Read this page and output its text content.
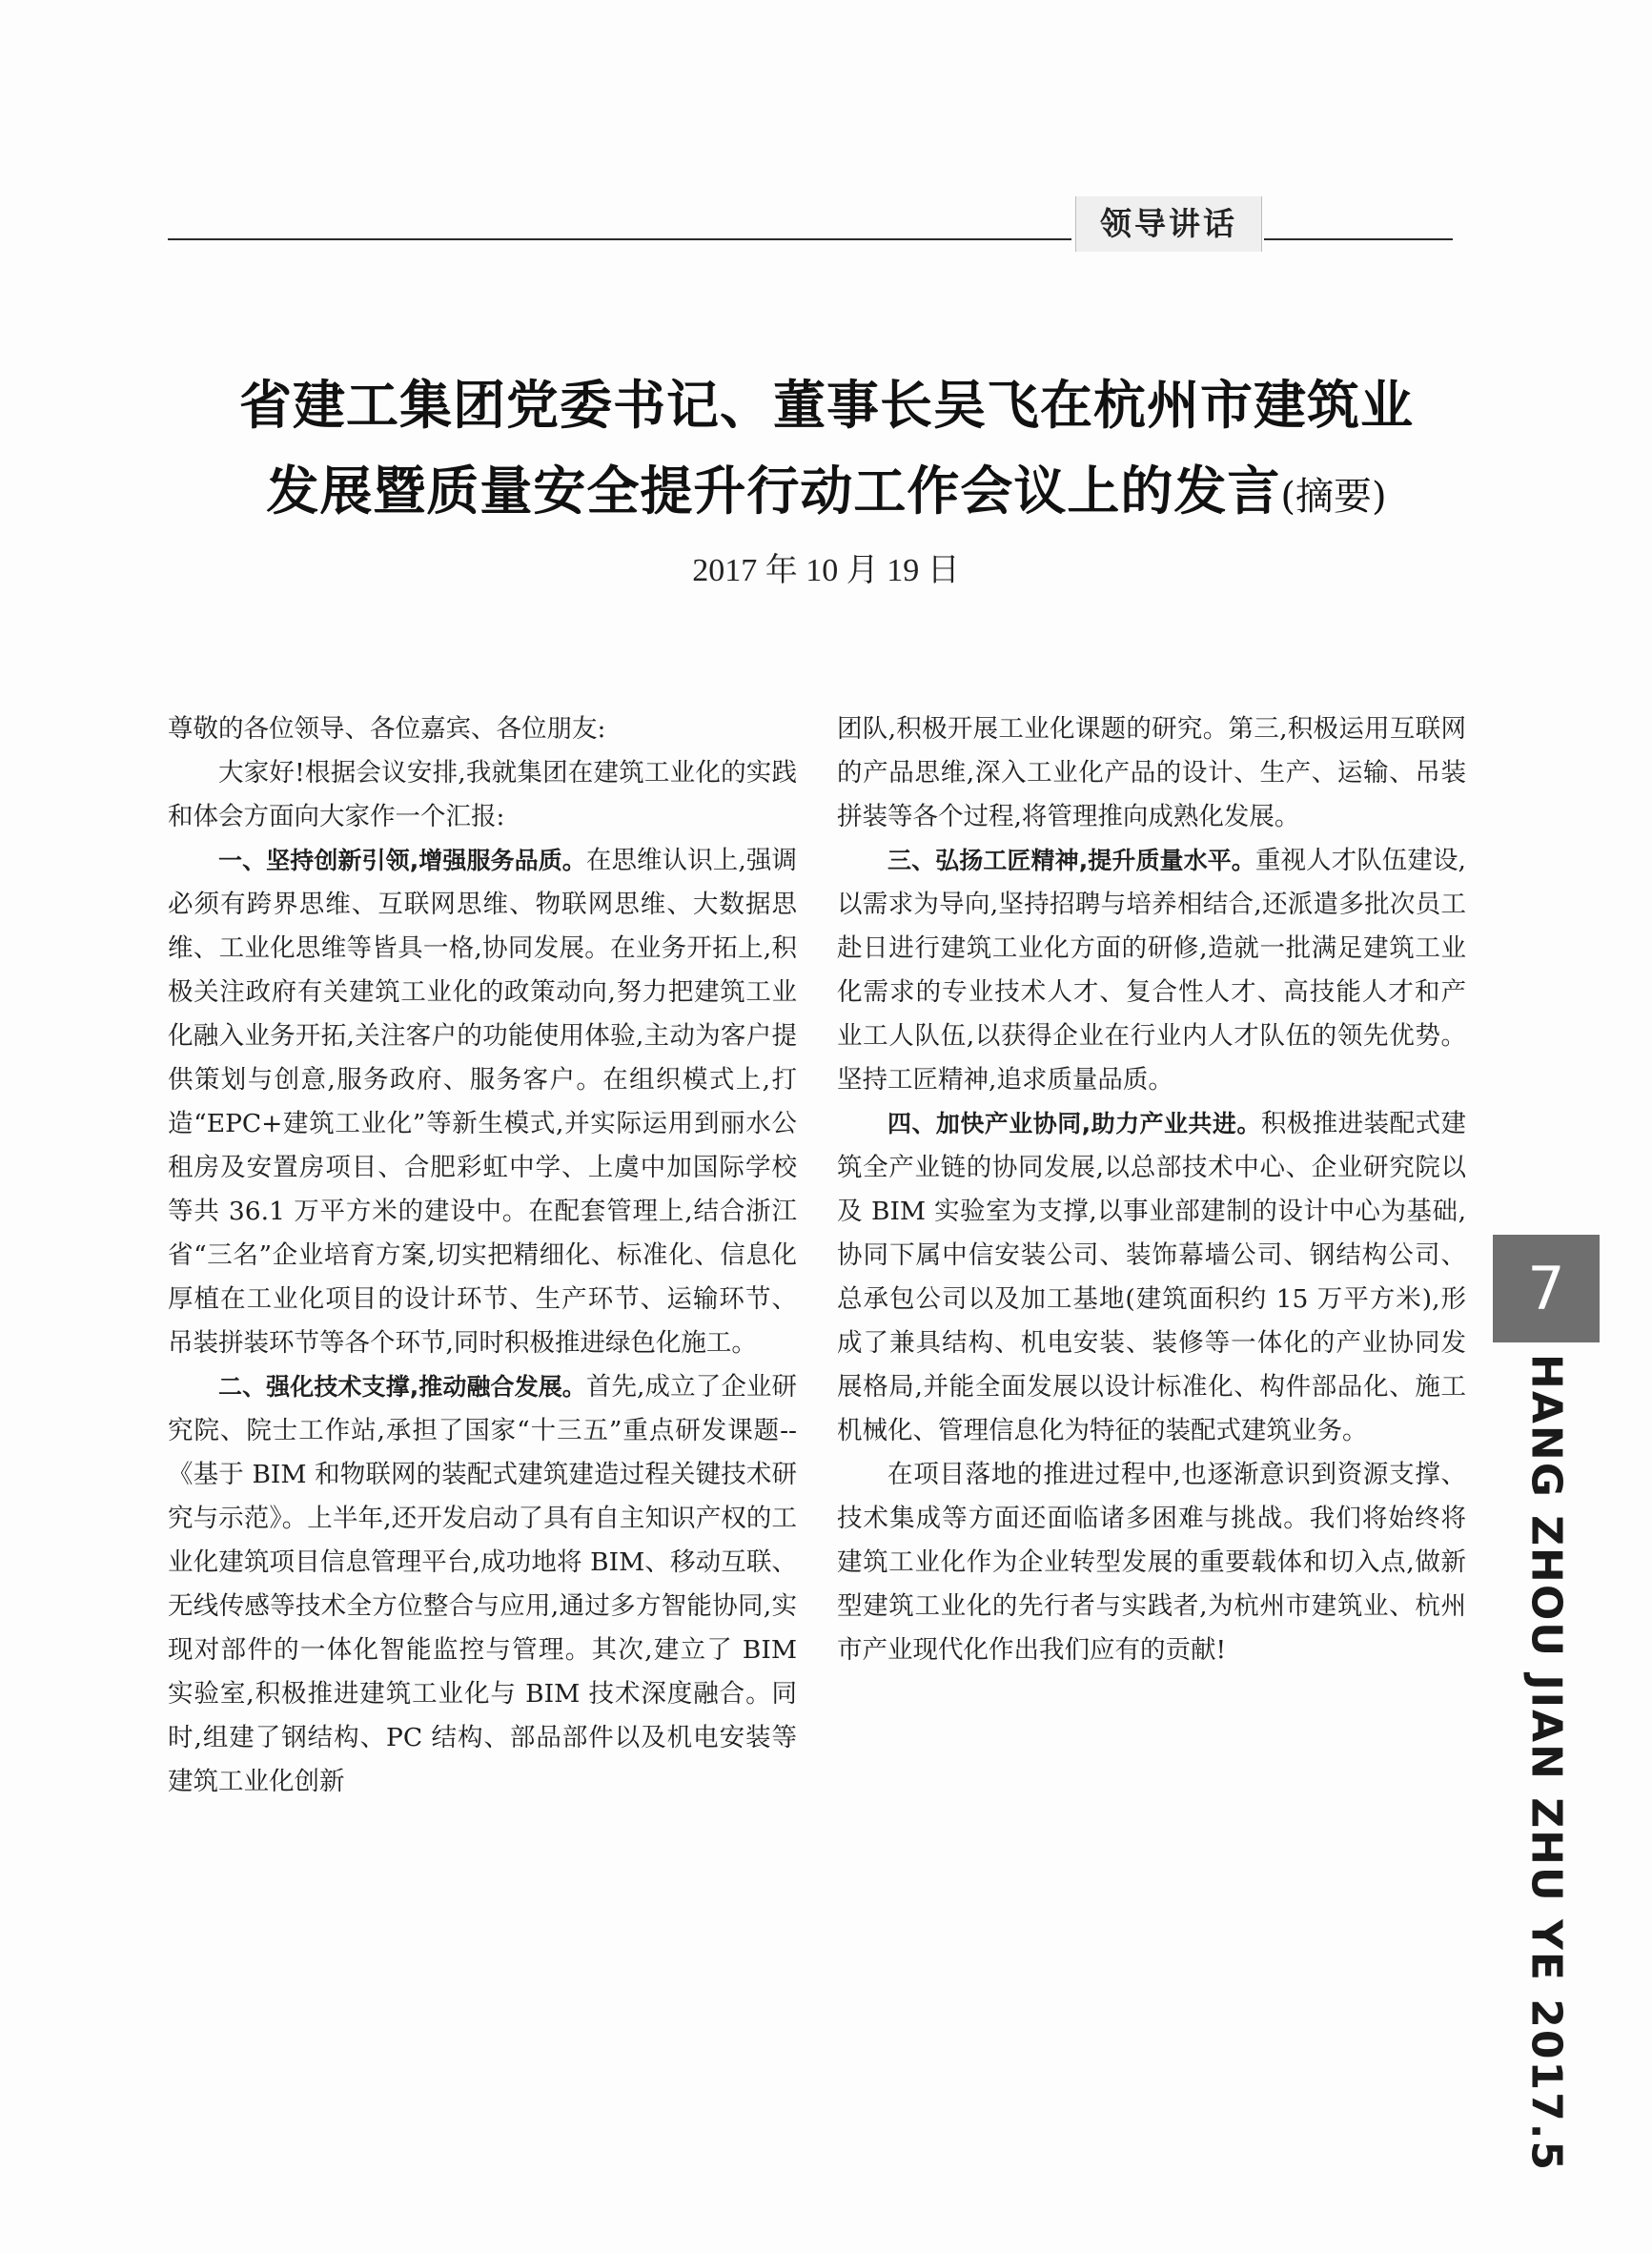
领导讲话
省建工集团党委书记、董事长吴飞在杭州市建筑业
发展暨质量安全提升行动工作会议上的发言(摘要)
2017 年 10 月 19 日

尊敬的各位领导、各位嘉宾、各位朋友:

大家好!根据会议安排,我就集团在建筑工业化的实践和体会方面向大家作一个汇报:

一、坚持创新引领,增强服务品质。在思维认识上,强调必须有跨界思维、互联网思维、物联网思维、大数据思维、工业化思维等皆具一格,协同发展。在业务开拓上,积极关注政府有关建筑工业化的政策动向,努力把建筑工业化融入业务开拓,关注客户的功能使用体验,主动为客户提供策划与创意,服务政府、服务客户。在组织模式上,打造“EPC+建筑工业化”等新生模式,并实际运用到丽水公租房及安置房项目、合肥彩虹中学、上虞中加国际学校等共 36.1 万平方米的建设中。在配套管理上,结合浙江省“三名”企业培育方案,切实把精细化、标准化、信息化厚植在工业化项目的设计环节、生产环节、运输环节、吊装拼装环节等各个环节,同时积极推进绿色化施工。

二、强化技术支撑,推动融合发展。首先,成立了企业研究院、院士工作站,承担了国家“十三五”重点研发课题--《基于 BIM 和物联网的装配式建筑建造过程关键技术研究与示范》。上半年,还开发启动了具有自主知识产权的工业化建筑项目信息管理平台,成功地将 BIM、移动互联、无线传感等技术全方位整合与应用,通过多方智能协同,实现对部件的一体化智能监控与管理。其次,建立了 BIM 实验室,积极推进建筑工业化与 BIM 技术深度融合。同时,组建了钢结构、PC 结构、部品部件以及机电安装等建筑工业化创新

团队,积极开展工业化课题的研究。第三,积极运用互联网的产品思维,深入工业化产品的设计、生产、运输、吊装拼装等各个过程,将管理推向成熟化发展。

三、弘扬工匠精神,提升质量水平。重视人才队伍建设,以需求为导向,坚持招聘与培养相结合,还派遣多批次员工赴日进行建筑工业化方面的研修,造就一批满足建筑工业化需求的专业技术人才、复合性人才、高技能人才和产业工人队伍,以获得企业在行业内人才队伍的领先优势。坚持工匠精神,追求质量品质。

四、加快产业协同,助力产业共进。积极推进装配式建筑全产业链的协同发展,以总部技术中心、企业研究院以及 BIM 实验室为支撑,以事业部建制的设计中心为基础,协同下属中信安装公司、装饰幕墙公司、钢结构公司、总承包公司以及加工基地(建筑面积约 15 万平方米),形成了兼具结构、机电安装、装修等一体化的产业协同发展格局,并能全面发展以设计标准化、构件部品化、施工机械化、管理信息化为特征的装配式建筑业务。

在项目落地的推进过程中,也逐渐意识到资源支撑、技术集成等方面还面临诸多困难与挑战。我们将始终将建筑工业化作为企业转型发展的重要载体和切入点,做新型建筑工业化的先行者与实践者,为杭州市建筑业、杭州市产业现代化作出我们应有的贡献!

7
HANG ZHOU JIAN ZHU YE 2017.5
